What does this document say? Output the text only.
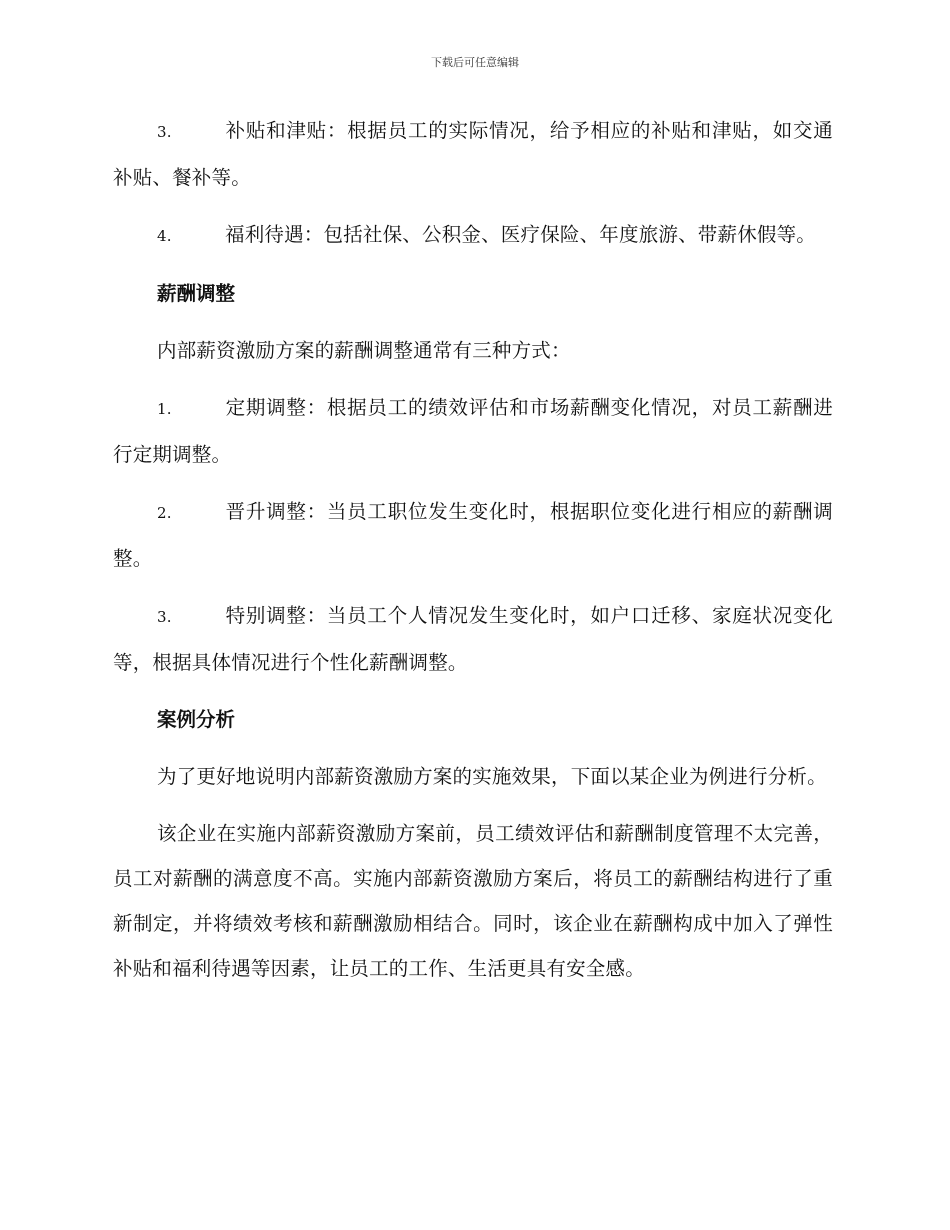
下载后可任意编辑
3.	补贴和津贴：根据员工的实际情况，给予相应的补贴和津贴，如交通补贴、餐补等。
4.	福利待遇：包括社保、公积金、医疗保险、年度旅游、带薪休假等。
薪酬调整
内部薪资激励方案的薪酬调整通常有三种方式：
1.	定期调整：根据员工的绩效评估和市场薪酬变化情况，对员工薪酬进行定期调整。
2.	晋升调整：当员工职位发生变化时，根据职位变化进行相应的薪酬调整。
3.	特别调整：当员工个人情况发生变化时，如户口迁移、家庭状况变化等，根据具体情况进行个性化薪酬调整。
案例分析
为了更好地说明内部薪资激励方案的实施效果，下面以某企业为例进行分析。
该企业在实施内部薪资激励方案前，员工绩效评估和薪酬制度管理不太完善，员工对薪酬的满意度不高。实施内部薪资激励方案后，将员工的薪酬结构进行了重新制定，并将绩效考核和薪酬激励相结合。同时，该企业在薪酬构成中加入了弹性补贴和福利待遇等因素，让员工的工作、生活更具有安全感。
